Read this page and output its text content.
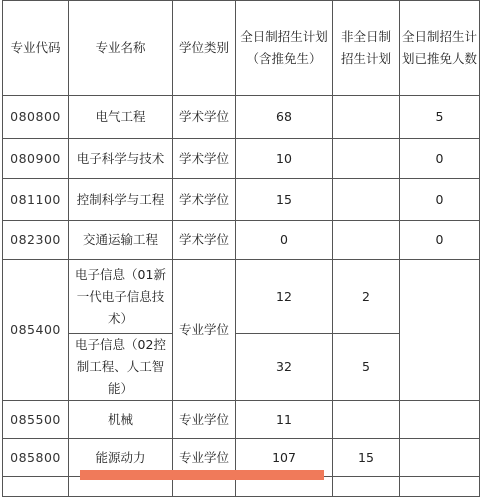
专业代码	专业名称	学位类别	全日制招生计划（含推免生）	非全日制招生计划	全日制招生计划已推免人数
080800	电气工程	学术学位	68		5
080900	电子科学与技术	学术学位	10		0
081100	控制科学与工程	学术学位	15		0
082300	交通运输工程	学术学位	0		0
085400	电子信息（01新一代电子信息技术）	专业学位	12	2	
	电子信息（02控制工程、人工智能）		32	5	
085500	机械	专业学位	11		
085800	能源动力	专业学位	107	15	
